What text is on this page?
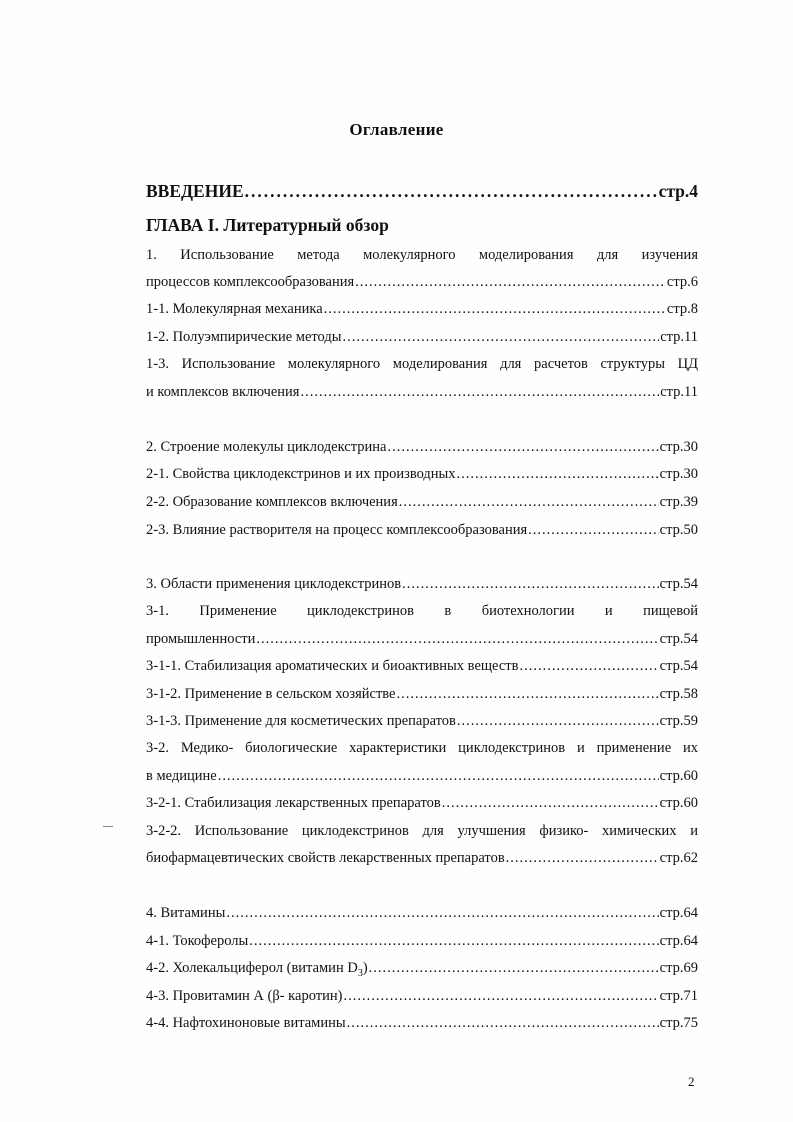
Оглавление
ВВЕДЕНИЕ .....	стр.4
ГЛАВА I. Литературный обзор
1. Использование метода молекулярного моделирования для изучения
процессов комплексообразования .....	стр.6
1-1. Молекулярная механика .....	стр.8
1-2. Полуэмпирические методы .....	стр.11
1-3. Использование молекулярного моделирования для расчетов структуры ЦД
и комплексов включения .....	стр.11
2. Строение молекулы циклодекстрина .....	стр.30
2-1. Свойства циклодекстринов и их производных .....	стр.30
2-2. Образование комплексов включения .....	стр.39
2-3. Влияние растворителя на процесс комплексообразования .....	стр.50
3. Области применения циклодекстринов .....	стр.54
3-1. Применение циклодекстринов в биотехнологии и пищевой
промышленности .....	стр.54
3-1-1. Стабилизация ароматических и биоактивных веществ .....	стр.54
3-1-2. Применение в сельском хозяйстве .....	стр.58
3-1-3. Применение для косметических препаратов .....	стр.59
3-2. Медико- биологические характеристики циклодекстринов и применение их
в медицине .....	стр.60
3-2-1. Стабилизация лекарственных препаратов .....	стр.60
3-2-2. Использование циклодекстринов для улучшения физико- химических и
биофармацевтических свойств лекарственных препаратов .....	стр.62
4. Витамины .....	стр.64
4-1. Токоферолы .....	стр.64
4-2. Холекальциферол (витамин $D_3$) .....	стр.69
4-3. Провитамин А (β- каротин) .....	стр.71
4-4. Нафтохиноновые витамины .....	стр.75
2
